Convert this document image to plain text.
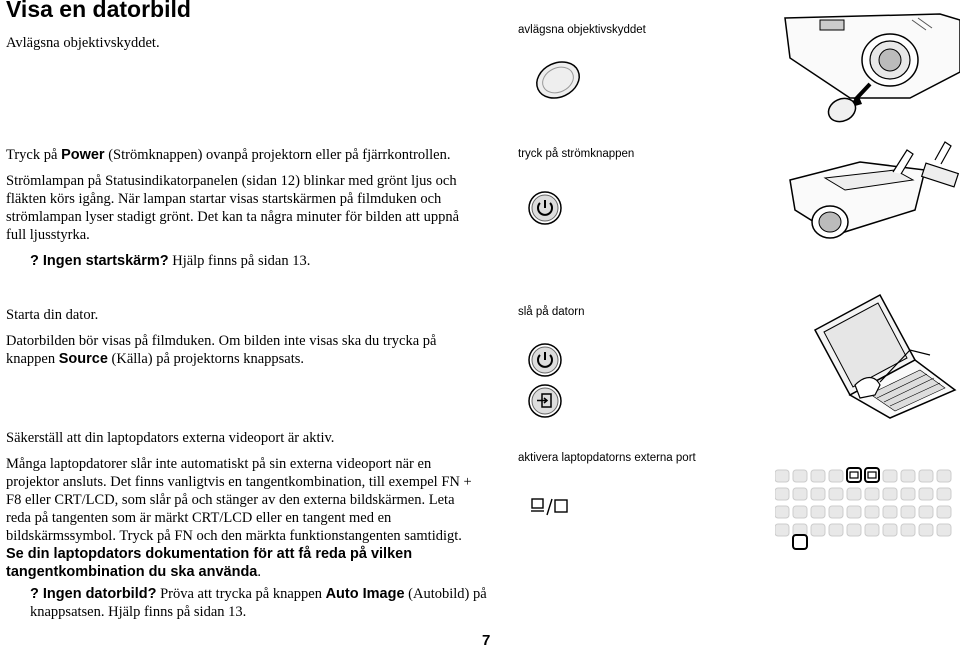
Visa en datorbild
Avlägsna objektivskyddet.
avlägsna objektivskyddet
Tryck på Power (Strömknappen) ovanpå projektorn eller på fjärrkontrollen.
Strömlampan på Statusindikatorpanelen (sidan 12) blinkar med grönt ljus och fläkten körs igång. När lampan startar visas startskärmen på filmduken och strömlampan lyser stadigt grönt. Det kan ta några minuter för bilden att uppnå full ljusstyrka.
? Ingen startskärm? Hjälp finns på sidan 13.
tryck på strömknappen
Starta din dator.
Datorbilden bör visas på filmduken. Om bilden inte visas ska du trycka på knappen Source (Källa) på projektorns knappsats.
slå på datorn
Säkerställ att din laptopdators externa videoport är aktiv.
Många laptopdatorer slår inte automatiskt på sin externa videoport när en projektor ansluts. Det finns vanligtvis en tangentkombination, till exempel FN + F8 eller CRT/LCD, som slår på och stänger av den externa bildskärmen. Leta reda på tangenten som är märkt CRT/LCD eller en tangent med en bildskärmssymbol. Tryck på FN och den märkta funktionstangenten samtidigt. Se din laptopdators dokumentation för att få reda på vilken tangentkombination du ska använda.
? Ingen datorbild? Pröva att trycka på knappen Auto Image (Autobild) på knappsatsen. Hjälp finns på sidan 13.
aktivera laptopdatorns externa port
7
